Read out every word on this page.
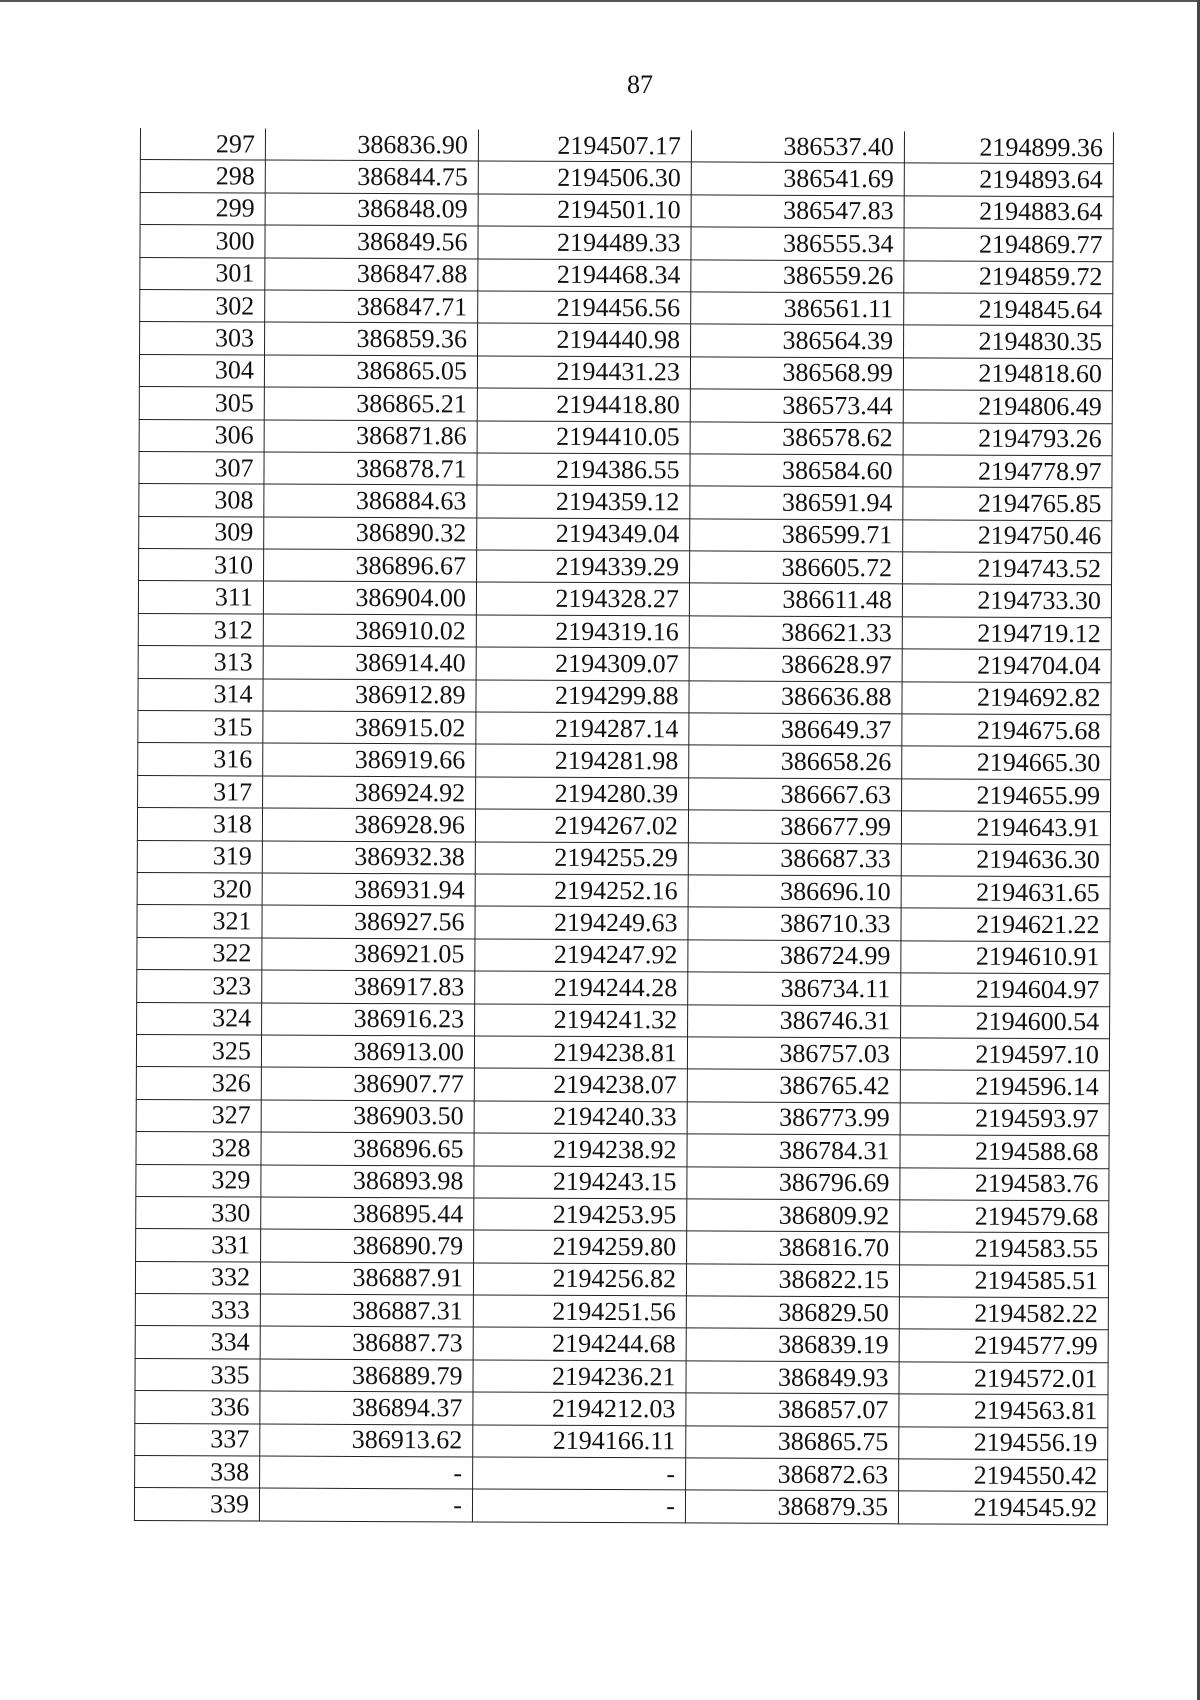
87
297	386836.90	2194507.17	386537.40	2194899.36
298	386844.75	2194506.30	386541.69	2194893.64
299	386848.09	2194501.10	386547.83	2194883.64
300	386849.56	2194489.33	386555.34	2194869.77
301	386847.88	2194468.34	386559.26	2194859.72
302	386847.71	2194456.56	386561.11	2194845.64
303	386859.36	2194440.98	386564.39	2194830.35
304	386865.05	2194431.23	386568.99	2194818.60
305	386865.21	2194418.80	386573.44	2194806.49
306	386871.86	2194410.05	386578.62	2194793.26
307	386878.71	2194386.55	386584.60	2194778.97
308	386884.63	2194359.12	386591.94	2194765.85
309	386890.32	2194349.04	386599.71	2194750.46
310	386896.67	2194339.29	386605.72	2194743.52
311	386904.00	2194328.27	386611.48	2194733.30
312	386910.02	2194319.16	386621.33	2194719.12
313	386914.40	2194309.07	386628.97	2194704.04
314	386912.89	2194299.88	386636.88	2194692.82
315	386915.02	2194287.14	386649.37	2194675.68
316	386919.66	2194281.98	386658.26	2194665.30
317	386924.92	2194280.39	386667.63	2194655.99
318	386928.96	2194267.02	386677.99	2194643.91
319	386932.38	2194255.29	386687.33	2194636.30
320	386931.94	2194252.16	386696.10	2194631.65
321	386927.56	2194249.63	386710.33	2194621.22
322	386921.05	2194247.92	386724.99	2194610.91
323	386917.83	2194244.28	386734.11	2194604.97
324	386916.23	2194241.32	386746.31	2194600.54
325	386913.00	2194238.81	386757.03	2194597.10
326	386907.77	2194238.07	386765.42	2194596.14
327	386903.50	2194240.33	386773.99	2194593.97
328	386896.65	2194238.92	386784.31	2194588.68
329	386893.98	2194243.15	386796.69	2194583.76
330	386895.44	2194253.95	386809.92	2194579.68
331	386890.79	2194259.80	386816.70	2194583.55
332	386887.91	2194256.82	386822.15	2194585.51
333	386887.31	2194251.56	386829.50	2194582.22
334	386887.73	2194244.68	386839.19	2194577.99
335	386889.79	2194236.21	386849.93	2194572.01
336	386894.37	2194212.03	386857.07	2194563.81
337	386913.62	2194166.11	386865.75	2194556.19
338	-	-	386872.63	2194550.42
339	-	-	386879.35	2194545.92
